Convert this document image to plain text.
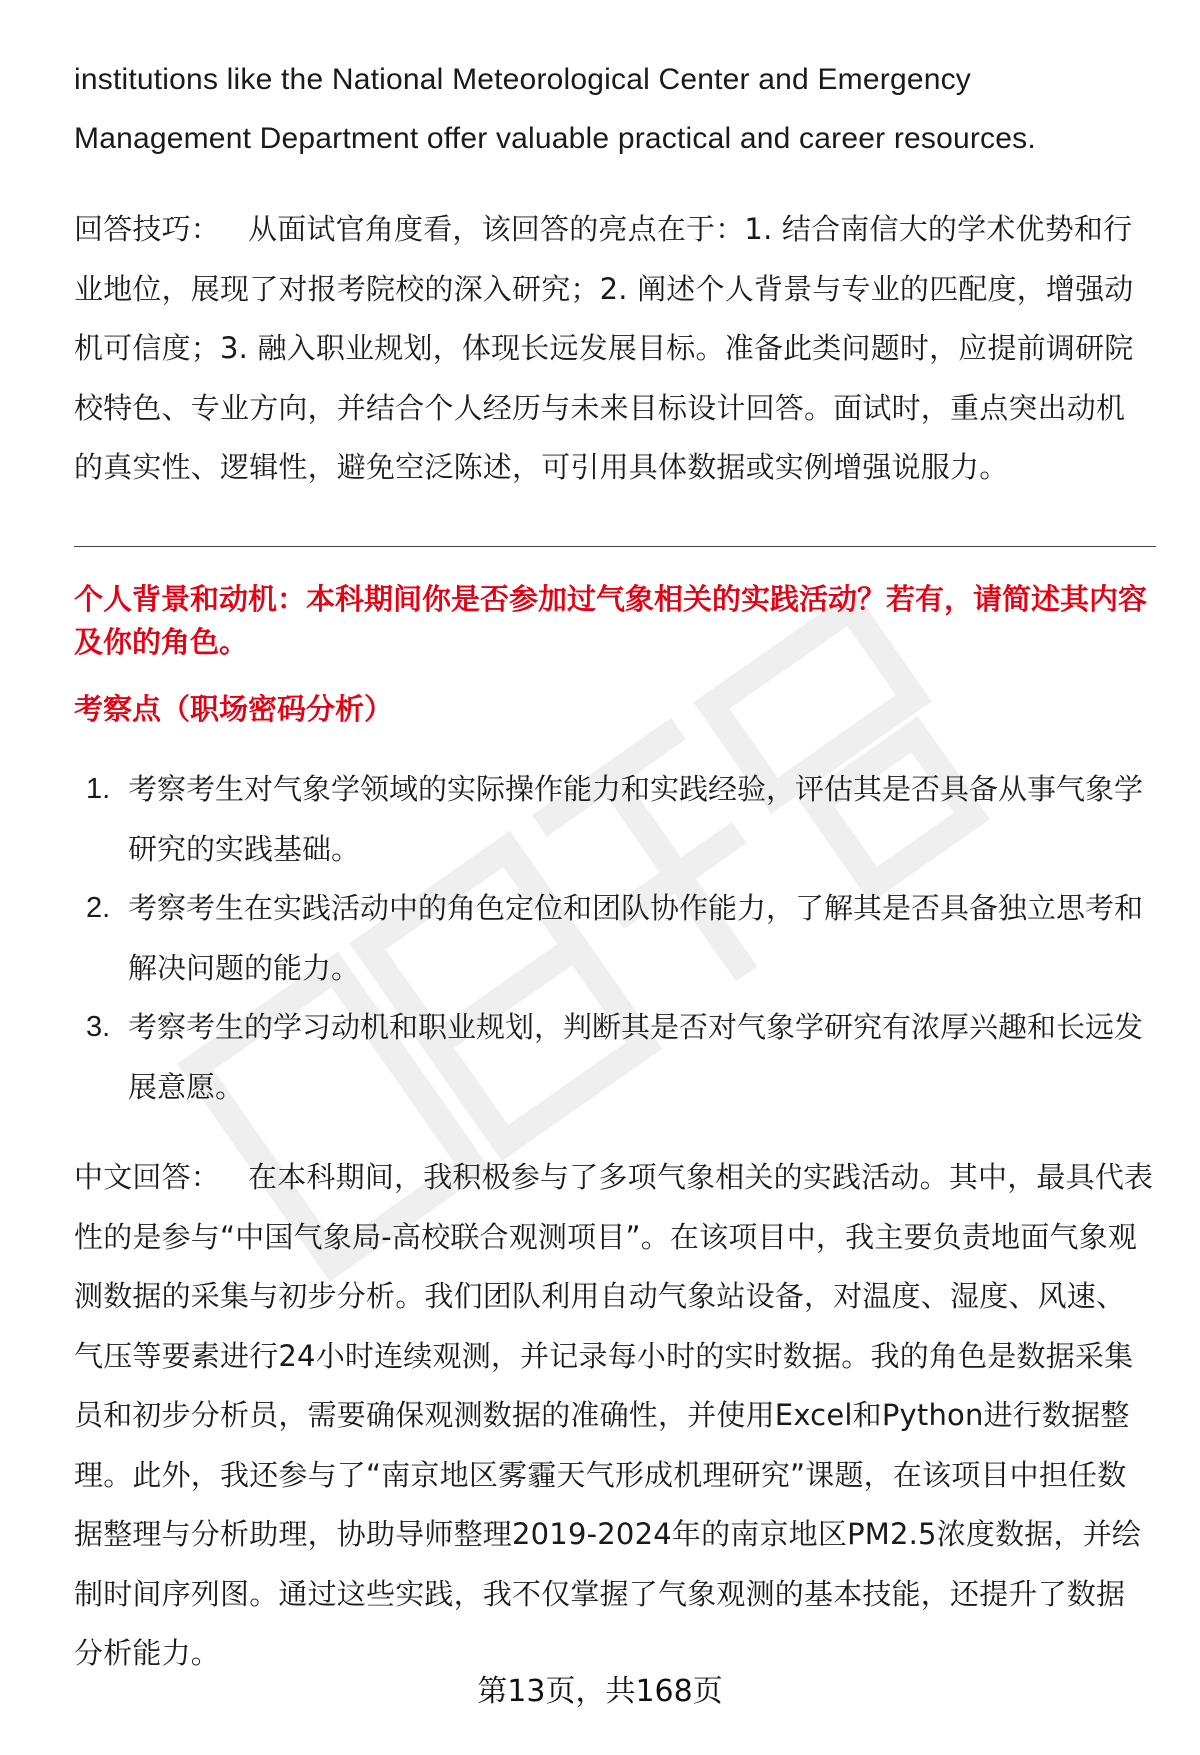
institutions like the National Meteorological Center and Emergency Management Department offer valuable practical and career resources.

回答技巧： 从面试官角度看，该回答的亮点在于：1. 结合南信大的学术优势和行业地位，展现了对报考院校的深入研究；2. 阐述个人背景与专业的匹配度，增强动机可信度；3. 融入职业规划，体现长远发展目标。准备此类问题时，应提前调研院校特色、专业方向，并结合个人经历与未来目标设计回答。面试时，重点突出动机的真实性、逻辑性，避免空泛陈述，可引用具体数据或实例增强说服力。

个人背景和动机：本科期间你是否参加过气象相关的实践活动？若有，请简述其内容及你的角色。

考察点（职场密码分析）

1. 考察考生对气象学领域的实际操作能力和实践经验，评估其是否具备从事气象学研究的实践基础。
2. 考察考生在实践活动中的角色定位和团队协作能力，了解其是否具备独立思考和解决问题的能力。
3. 考察考生的学习动机和职业规划，判断其是否对气象学研究有浓厚兴趣和长远发展意愿。

中文回答： 在本科期间，我积极参与了多项气象相关的实践活动。其中，最具代表性的是参与“中国气象局-高校联合观测项目”。在该项目中，我主要负责地面气象观测数据的采集与初步分析。我们团队利用自动气象站设备，对温度、湿度、风速、气压等要素进行24小时连续观测，并记录每小时的实时数据。我的角色是数据采集员和初步分析员，需要确保观测数据的准确性，并使用Excel和Python进行数据整理。此外，我还参与了“南京地区雾霾天气形成机理研究”课题，在该项目中担任数据整理与分析助理，协助导师整理2019-2024年的南京地区PM2.5浓度数据，并绘制时间序列图。通过这些实践，我不仅掌握了气象观测的基本技能，还提升了数据分析能力。

第13页，共168页
